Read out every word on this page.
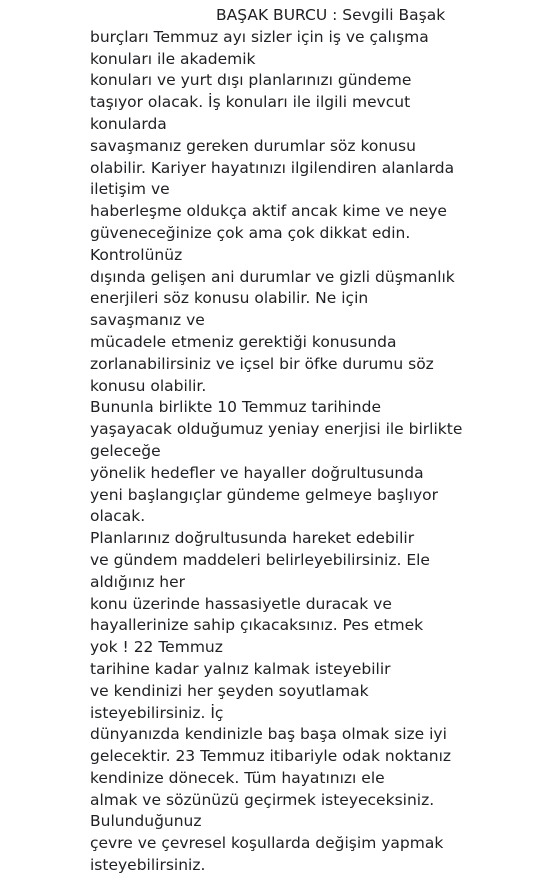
BAŞAK BURCU : Sevgili Başak
burçları Temmuz ayı sizler için iş ve çalışma
konuları ile akademik
konuları ve yurt dışı planlarınızı gündeme
taşıyor olacak. İş konuları ile ilgili mevcut
konularda
savaşmanız gereken durumlar söz konusu
olabilir. Kariyer hayatınızı ilgilendiren alanlarda
iletişim ve
haberleşme oldukça aktif ancak kime ve neye
güveneceğinize çok ama çok dikkat edin.
Kontrolünüz
dışında gelişen ani durumlar ve gizli düşmanlık
enerjileri söz konusu olabilir. Ne için
savaşmanız ve
mücadele etmeniz gerektiği konusunda
zorlanabilirsiniz ve içsel bir öfke durumu söz
konusu olabilir.
Bununla birlikte 10 Temmuz tarihinde
yaşayacak olduğumuz yeniay enerjisi ile birlikte
geleceğe
yönelik hedefler ve hayaller doğrultusunda
yeni başlangıçlar gündeme gelmeye başlıyor
olacak.
Planlarınız doğrultusunda hareket edebilir
ve gündem maddeleri belirleyebilirsiniz. Ele
aldığınız her
konu üzerinde hassasiyetle duracak ve
hayallerinize sahip çıkacaksınız. Pes etmek
yok ! 22 Temmuz
tarihine kadar yalnız kalmak isteyebilir
ve kendinizi her şeyden soyutlamak
isteyebilirsiniz. İç
dünyanızda kendinizle baş başa olmak size iyi
gelecektir. 23 Temmuz itibariyle odak noktanız
kendinize dönecek. Tüm hayatınızı ele
almak ve sözünüzü geçirmek isteyeceksiniz.
Bulunduğunuz
çevre ve çevresel koşullarda değişim yapmak
isteyebilirsiniz.
